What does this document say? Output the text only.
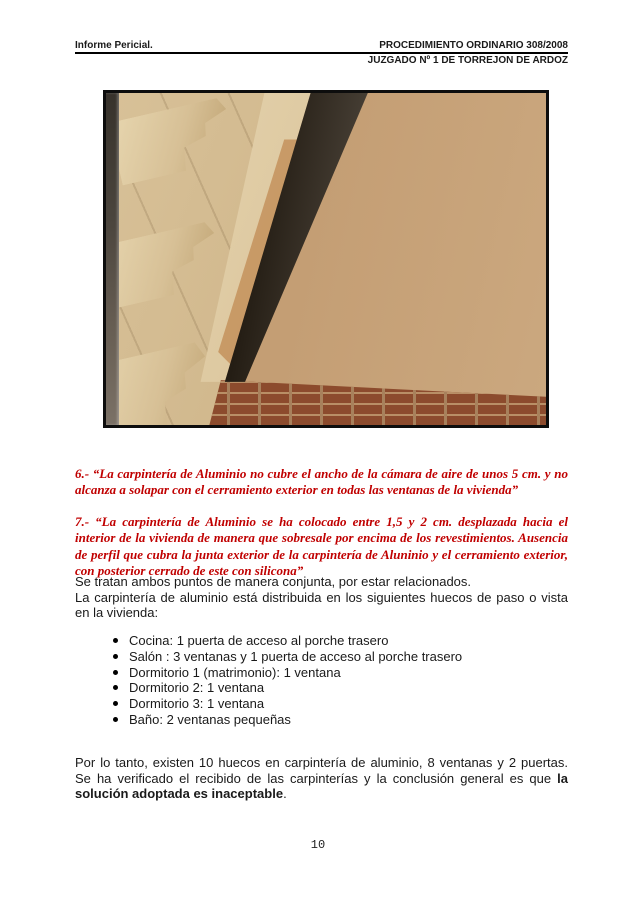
Informe Pericial.	PROCEDIMIENTO ORDINARIO 308/2008
JUZGADO Nº 1 DE TORREJON DE ARDOZ

6.- “La carpintería de Aluminio no cubre el ancho de la cámara de aire de unos 5 cm. y no alcanza a solapar con el cerramiento exterior en todas las ventanas de la vivienda”

7.- “La carpintería de Aluminio se ha colocado entre 1,5 y 2 cm. desplazada hacia el interior de la vivienda de manera que sobresale por encima de los revestimientos. Ausencia de perfil que cubra la junta exterior de la carpintería de Aluninio y el cerramiento exterior, con posterior cerrado de este con silicona”

Se tratan ambos puntos de manera conjunta, por estar relacionados.
La carpintería de aluminio está distribuida en los siguientes huecos de paso o vista en la vivienda:
Cocina: 1 puerta de acceso al porche trasero
Salón : 3 ventanas y 1 puerta de acceso al porche trasero
Dormitorio 1 (matrimonio): 1 ventana
Dormitorio 2: 1 ventana
Dormitorio 3: 1 ventana
Baño: 2 ventanas pequeñas

Por lo tanto, existen 10 huecos en carpintería de aluminio, 8 ventanas y 2 puertas. Se ha verificado el recibido de las carpinterías y la conclusión general es que la solución adoptada es inaceptable.

10
